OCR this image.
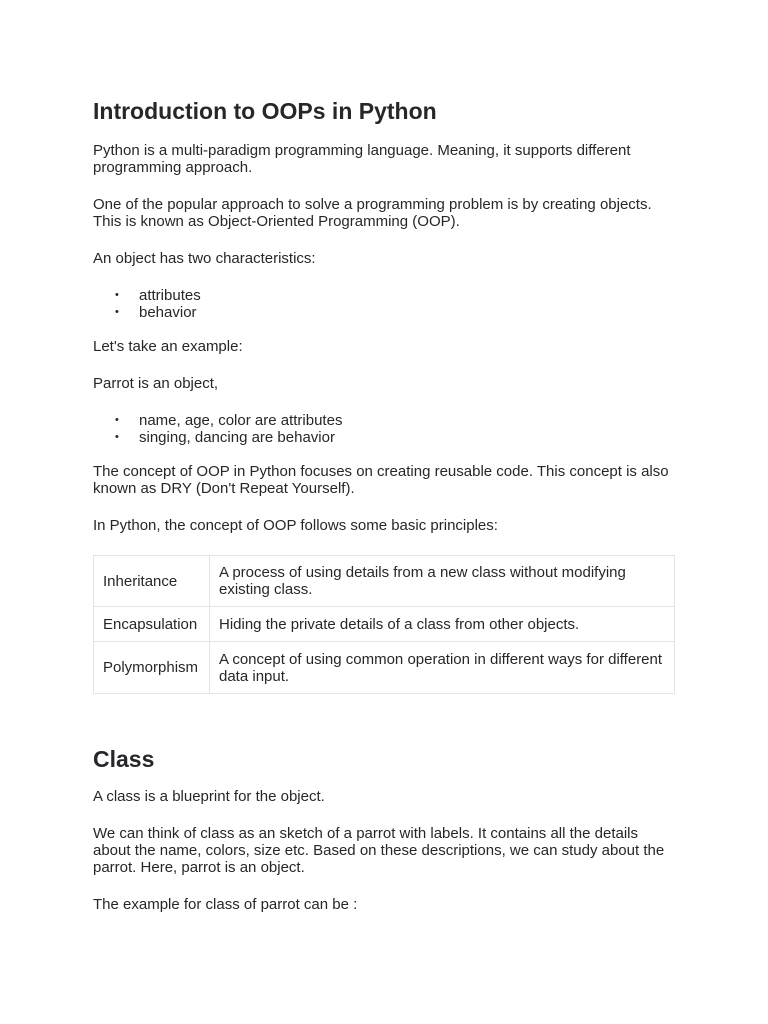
Introduction to OOPs in Python

Python is a multi-paradigm programming language. Meaning, it supports different programming approach.

One of the popular approach to solve a programming problem is by creating objects. This is known as Object-Oriented Programming (OOP).

An object has two characteristics:

• attributes
• behavior

Let's take an example:

Parrot is an object,

• name, age, color are attributes
• singing, dancing are behavior

The concept of OOP in Python focuses on creating reusable code. This concept is also known as DRY (Don't Repeat Yourself).

In Python, the concept of OOP follows some basic principles:

Inheritance	A process of using details from a new class without modifying existing class.
Encapsulation	Hiding the private details of a class from other objects.
Polymorphism	A concept of using common operation in different ways for different data input.
Class

A class is a blueprint for the object.

We can think of class as an sketch of a parrot with labels. It contains all the details about the name, colors, size etc. Based on these descriptions, we can study about the parrot. Here, parrot is an object.

The example for class of parrot can be :
